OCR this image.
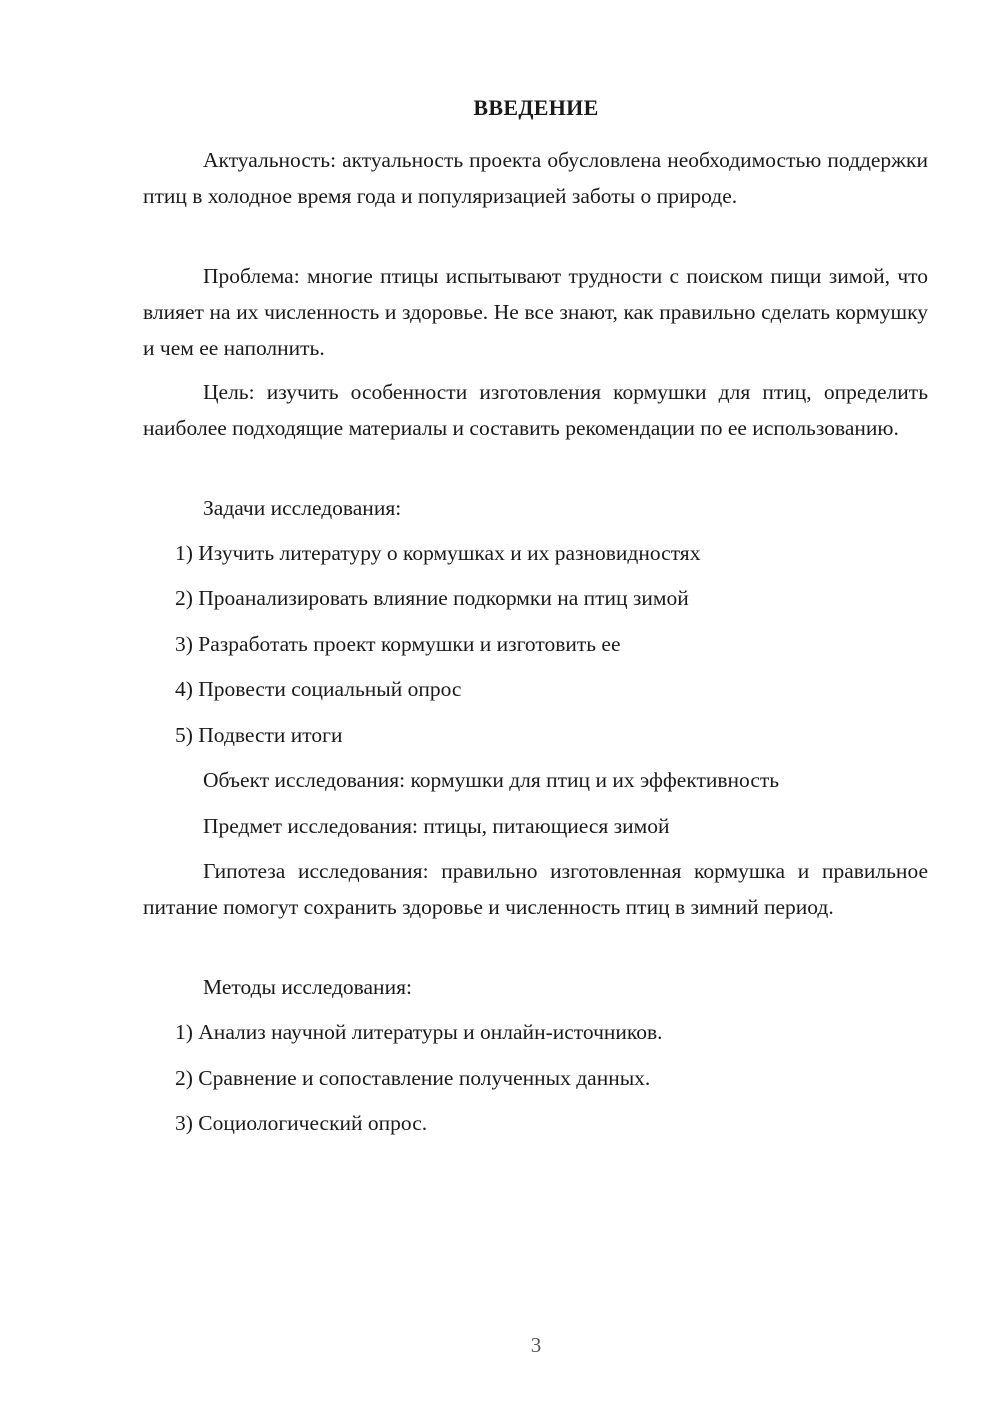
ВВЕДЕНИЕ
Актуальность: актуальность проекта обусловлена необходимостью поддержки птиц в холодное время года и популяризацией заботы о природе.
Проблема: многие птицы испытывают трудности с поиском пищи зимой, что влияет на их численность и здоровье. Не все знают, как правильно сделать кормушку и чем ее наполнить.
Цель: изучить особенности изготовления кормушки для птиц, определить наиболее подходящие материалы и составить рекомендации по ее использованию.
Задачи исследования:
1) Изучить литературу о кормушках и их разновидностях
2) Проанализировать влияние подкормки на птиц зимой
3) Разработать проект кормушки и изготовить ее
4) Провести социальный опрос
5) Подвести итоги
Объект исследования: кормушки для птиц и их эффективность
Предмет исследования: птицы, питающиеся зимой
Гипотеза исследования: правильно изготовленная кормушка и правильное питание помогут сохранить здоровье и численность птиц в зимний период.
Методы исследования:
1) Анализ научной литературы и онлайн-источников.
2) Сравнение и сопоставление полученных данных.
3) Социологический опрос.
3
